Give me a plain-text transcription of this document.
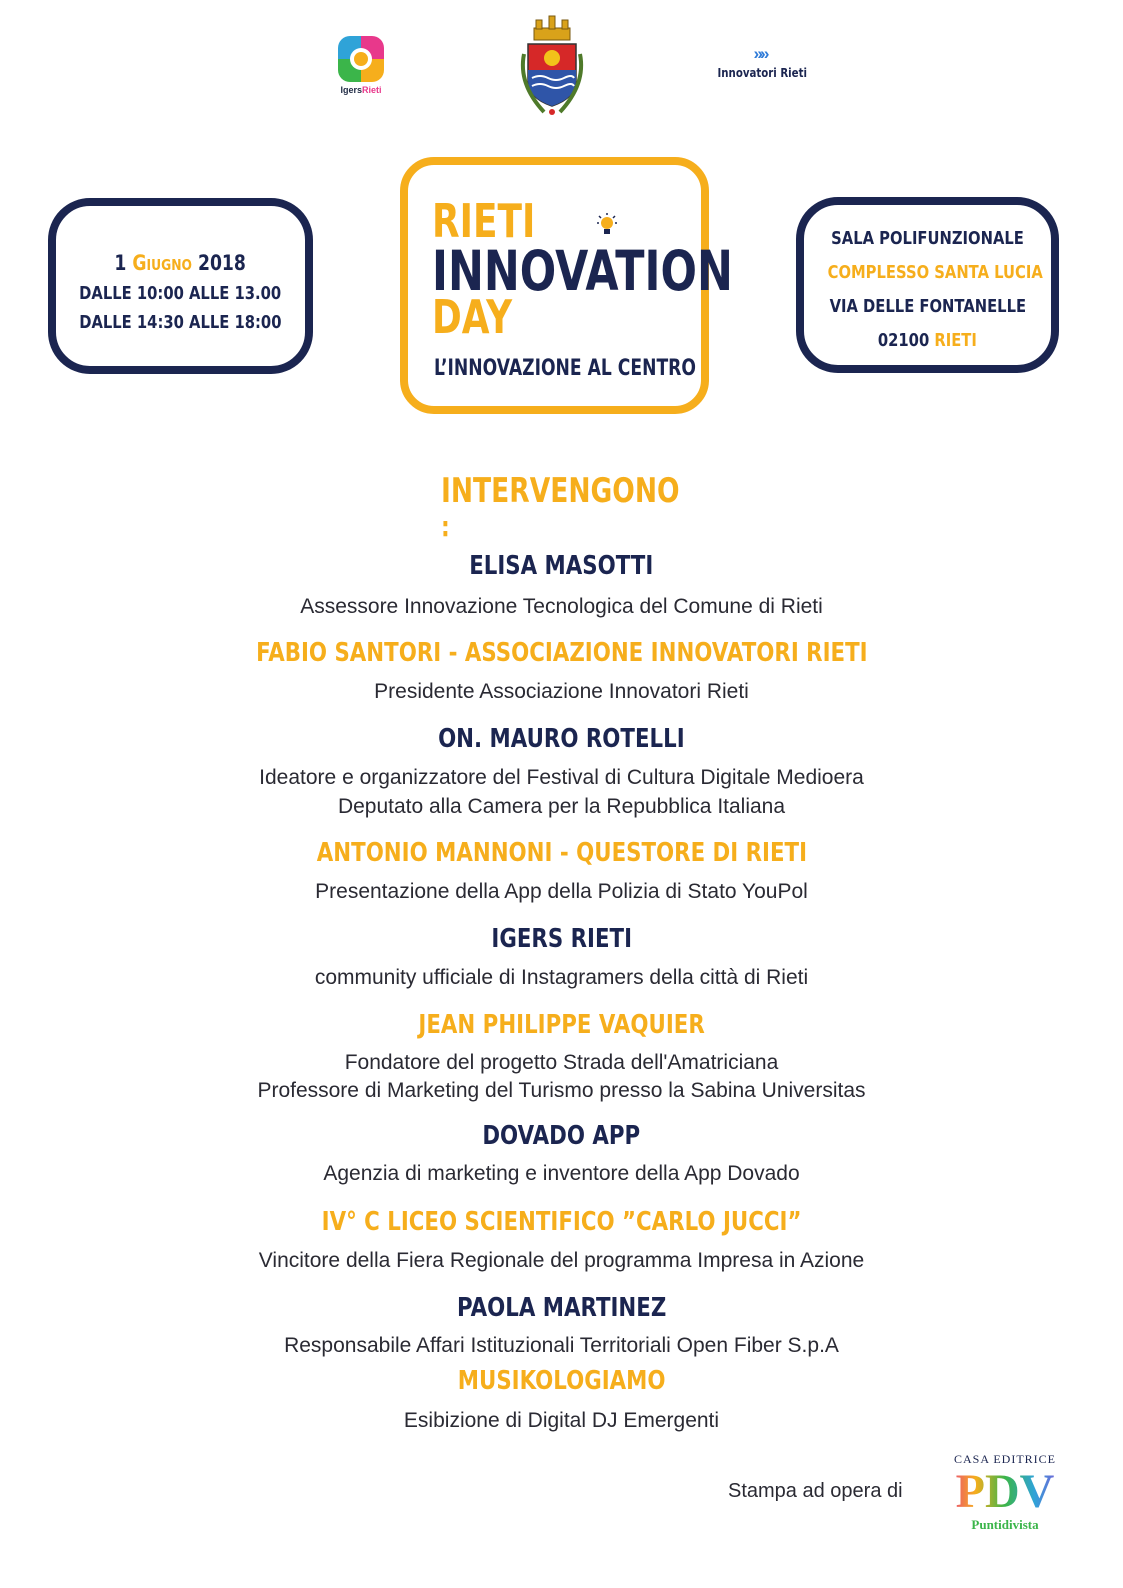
IgersRieti
»»
Innovatori Rieti
1 Giugno 2018
DALLE 10:00 ALLE 13.00
DALLE 14:30 ALLE 18:00
RIETI
INNOVATION
DAY
L’INNOVAZIONE AL CENTRO
SALA POLIFUNZIONALE
COMPLESSO SANTA LUCIA
VIA DELLE FONTANELLE
02100 RIETI
INTERVENGONO
:
ELISA MASOTTI
Assessore Innovazione Tecnologica del Comune di Rieti
FABIO SANTORI - ASSOCIAZIONE INNOVATORI RIETI
Presidente Associazione Innovatori Rieti
ON. MAURO ROTELLI
Ideatore e organizzatore del Festival di Cultura Digitale Medioera
Deputato alla Camera per la Repubblica Italiana
ANTONIO MANNONI - QUESTORE DI RIETI
Presentazione della App della Polizia di Stato YouPol
IGERS RIETI
community ufficiale di Instagramers della città di Rieti
JEAN PHILIPPE VAQUIER
Fondatore del progetto Strada dell'Amatriciana
Professore di Marketing del Turismo presso la Sabina Universitas
DOVADO APP
Agenzia di marketing e inventore della App Dovado
IV° C LICEO SCIENTIFICO ”CARLO JUCCI”
Vincitore della Fiera Regionale del programma Impresa in Azione
PAOLA MARTINEZ
Responsabile Affari Istituzionali Territoriali Open Fiber S.p.A
MUSIKOLOGIAMO
Esibizione di Digital DJ Emergenti
Stampa ad opera di
CASA EDITRICE
PDV
Puntidivista
